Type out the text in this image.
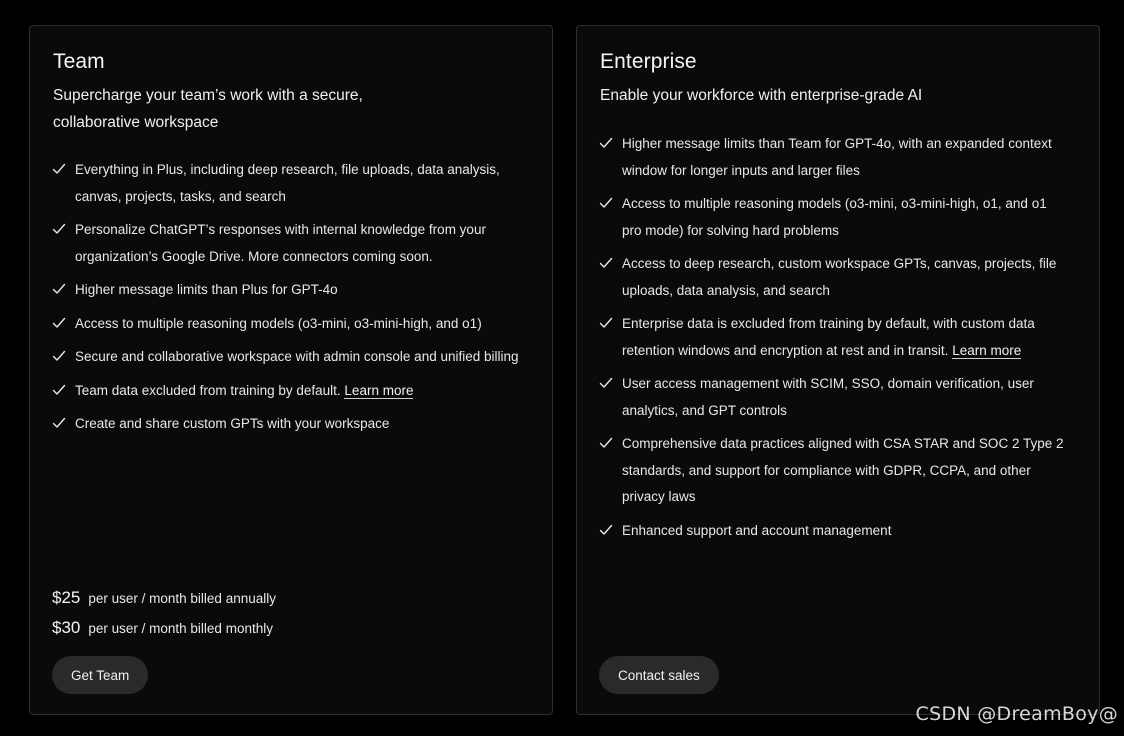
Team
Supercharge your team’s work with a secure, collaborative workspace
Everything in Plus, including deep research, file uploads, data analysis, canvas, projects, tasks, and search
Personalize ChatGPT’s responses with internal knowledge from your organization’s Google Drive. More connectors coming soon.
Higher message limits than Plus for GPT-4o
Access to multiple reasoning models (o3-mini, o3-mini-high, and o1)
Secure and collaborative workspace with admin console and unified billing
Team data excluded from training by default. Learn more
Create and share custom GPTs with your workspace
$25 per user / month billed annually
$30 per user / month billed monthly
Get Team
Enterprise
Enable your workforce with enterprise-grade AI
Higher message limits than Team for GPT-4o, with an expanded context window for longer inputs and larger files
Access to multiple reasoning models (o3-mini, o3-mini-high, o1, and o1 pro mode) for solving hard problems
Access to deep research, custom workspace GPTs, canvas, projects, file uploads, data analysis, and search
Enterprise data is excluded from training by default, with custom data retention windows and encryption at rest and in transit. Learn more
User access management with SCIM, SSO, domain verification, user analytics, and GPT controls
Comprehensive data practices aligned with CSA STAR and SOC 2 Type 2 standards, and support for compliance with GDPR, CCPA, and other privacy laws
Enhanced support and account management
Contact sales
CSDN @DreamBoy@
